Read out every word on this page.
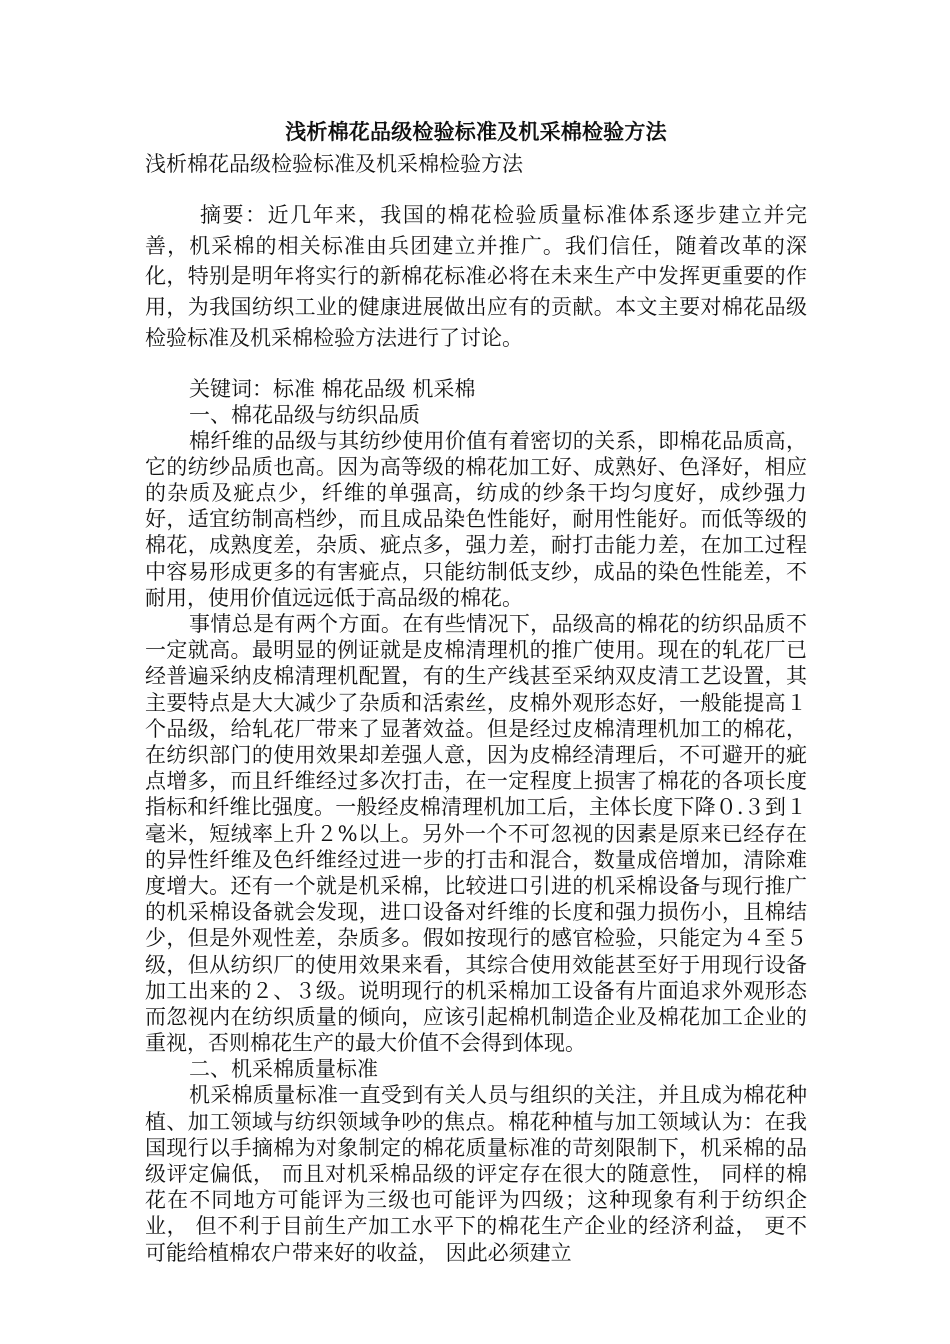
浅析棉花品级检验标准及机采棉检验方法

浅析棉花品级检验标准及机采棉检验方法

摘要：近几年来，我国的棉花检验质量标准体系逐步建立并完善，机采棉的相关标准由兵团建立并推广。我们信任，随着改革的深化，特别是明年将实行的新棉花标准必将在未来生产中发挥更重要的作用，为我国纺织工业的健康进展做出应有的贡献。本文主要对棉花品级检验标准及机采棉检验方法进行了讨论。

关键词：标准 棉花品级 机采棉

一、棉花品级与纺织品质

棉纤维的品级与其纺纱使用价值有着密切的关系，即棉花品质高，它的纺纱品质也高。因为高等级的棉花加工好、成熟好、色泽好，相应的杂质及疵点少，纤维的单强高，纺成的纱条干均匀度好，成纱强力好，适宜纺制高档纱，而且成品染色性能好，耐用性能好。而低等级的棉花，成熟度差，杂质、疵点多，强力差，耐打击能力差，在加工过程中容易形成更多的有害疵点，只能纺制低支纱，成品的染色性能差，不耐用，使用价值远远低于高品级的棉花。

事情总是有两个方面。在有些情况下，品级高的棉花的纺织品质不一定就高。最明显的例证就是皮棉清理机的推广使用。现在的轧花厂已经普遍采纳皮棉清理机配置，有的生产线甚至采纳双皮清工艺设置，其主要特点是大大减少了杂质和活索丝，皮棉外观形态好，一般能提高１个品级，给轧花厂带来了显著效益。但是经过皮棉清理机加工的棉花，在纺织部门的使用效果却差强人意，因为皮棉经清理后，不可避开的疵点增多，而且纤维经过多次打击，在一定程度上损害了棉花的各项长度指标和纤维比强度。一般经皮棉清理机加工后，主体长度下降０.３到１毫米，短绒率上升２%以上。另外一个不可忽视的因素是原来已经存在的异性纤维及色纤维经过进一步的打击和混合，数量成倍增加，清除难度增大。还有一个就是机采棉，比较进口引进的机采棉设备与现行推广的机采棉设备就会发现，进口设备对纤维的长度和强力损伤小，且棉结少，但是外观性差，杂质多。假如按现行的感官检验，只能定为４至５级，但从纺织厂的使用效果来看，其综合使用效能甚至好于用现行设备加工出来的２、３级。说明现行的机采棉加工设备有片面追求外观形态而忽视内在纺织质量的倾向，应该引起棉机制造企业及棉花加工企业的重视，否则棉花生产的最大价值不会得到体现。

二、机采棉质量标准

机采棉质量标准一直受到有关人员与组织的关注，并且成为棉花种植、加工领域与纺织领域争吵的焦点。棉花种植与加工领域认为：在我国现行以手摘棉为对象制定的棉花质量标准的苛刻限制下，机采棉的品级评定偏低， 而且对机采棉品级的评定存在很大的随意性， 同样的棉花在不同地方可能评为三级也可能评为四级；这种现象有利于纺织企业， 但不利于目前生产加工水平下的棉花生产企业的经济利益， 更不可能给植棉农户带来好的收益， 因此必须建立
